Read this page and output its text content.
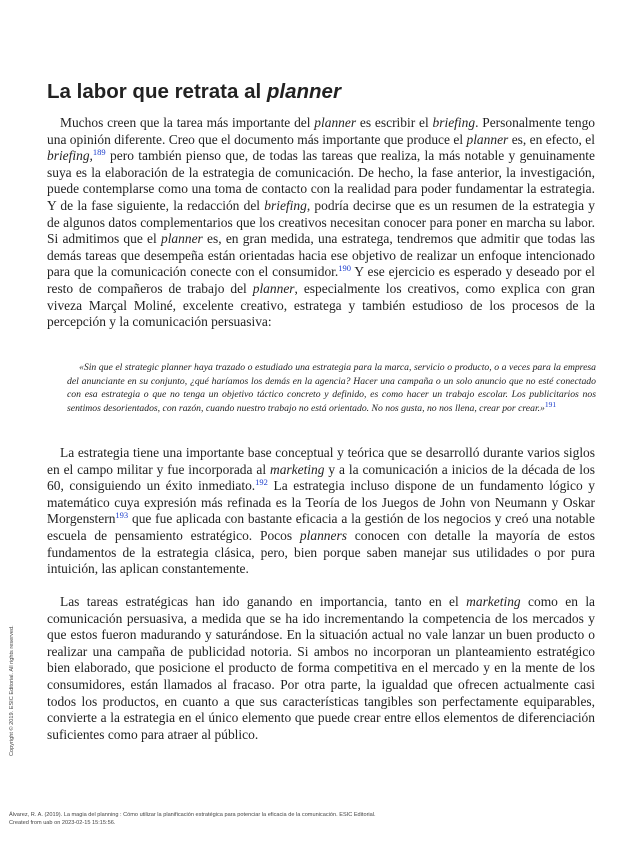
La labor que retrata al planner

Muchos creen que la tarea más importante del planner es escribir el briefing. Personalmente tengo una opinión diferente. Creo que el documento más importante que produce el planner es, en efecto, el briefing,$^{189}$ pero también pienso que, de todas las tareas que realiza, la más notable y genuinamente suya es la elaboración de la estrategia de comunicación. De hecho, la fase anterior, la investigación, puede contemplarse como una toma de contacto con la realidad para poder fundamentar la estrategia. Y de la fase siguiente, la redacción del briefing, podría decirse que es un resumen de la estrategia y de algunos datos complementarios que los creativos necesitan conocer para poner en marcha su labor. Si admitimos que el planner es, en gran medida, una estratega, tendremos que admitir que todas las demás tareas que desempeña están orientadas hacia ese objetivo de realizar un enfoque intencionado para que la comunicación conecte con el consumidor.$^{190}$ Y ese ejercicio es esperado y deseado por el resto de compañeros de trabajo del planner, especialmente los creativos, como explica con gran viveza Marçal Moliné, excelente creativo, estratega y también estudioso de los procesos de la percepción y la comunicación persuasiva:

«Sin que el strategic planner haya trazado o estudiado una estrategia para la marca, servicio o producto, o a veces para la empresa del anunciante en su conjunto, ¿qué haríamos los demás en la agencia? Hacer una campaña o un solo anuncio que no esté conectado con esa estrategia o que no tenga un objetivo táctico concreto y definido, es como hacer un trabajo escolar. Los publicitarios nos sentimos desorientados, con razón, cuando nuestro trabajo no está orientado. No nos gusta, no nos llena, crear por crear.»$^{191}$

La estrategia tiene una importante base conceptual y teórica que se desarrolló durante varios siglos en el campo militar y fue incorporada al marketing y a la comunicación a inicios de la década de los 60, consiguiendo un éxito inmediato.$^{192}$ La estrategia incluso dispone de un fundamento lógico y matemático cuya expresión más refinada es la Teoría de los Juegos de John von Neumann y Oskar Morgenstern$^{193}$ que fue aplicada con bastante eficacia a la gestión de los negocios y creó una notable escuela de pensamiento estratégico. Pocos planners conocen con detalle la mayoría de estos fundamentos de la estrategia clásica, pero, bien porque saben manejar sus utilidades o por pura intuición, las aplican constantemente.

Las tareas estratégicas han ido ganando en importancia, tanto en el marketing como en la comunicación persuasiva, a medida que se ha ido incrementando la competencia de los mercados y que estos fueron madurando y saturándose. En la situación actual no vale lanzar un buen producto o realizar una campaña de publicidad notoria. Si ambos no incorporan un planteamiento estratégico bien elaborado, que posicione el producto de forma competitiva en el mercado y en la mente de los consumidores, están llamados al fracaso. Por otra parte, la igualdad que ofrecen actualmente casi todos los productos, en cuanto a que sus características tangibles son perfectamente equiparables, convierte a la estrategia en el único elemento que puede crear entre ellos elementos de diferenciación suficientes como para atraer al público.

Copyright © 2019. ESIC Editorial. All rights reserved.
Álvarez, R. A. (2019). La magia del planning : Cómo utilizar la planificación estratégica para potenciar la eficacia de la comunicación. ESIC Editorial.
Created from uab on 2023-02-15 15:15:56.
